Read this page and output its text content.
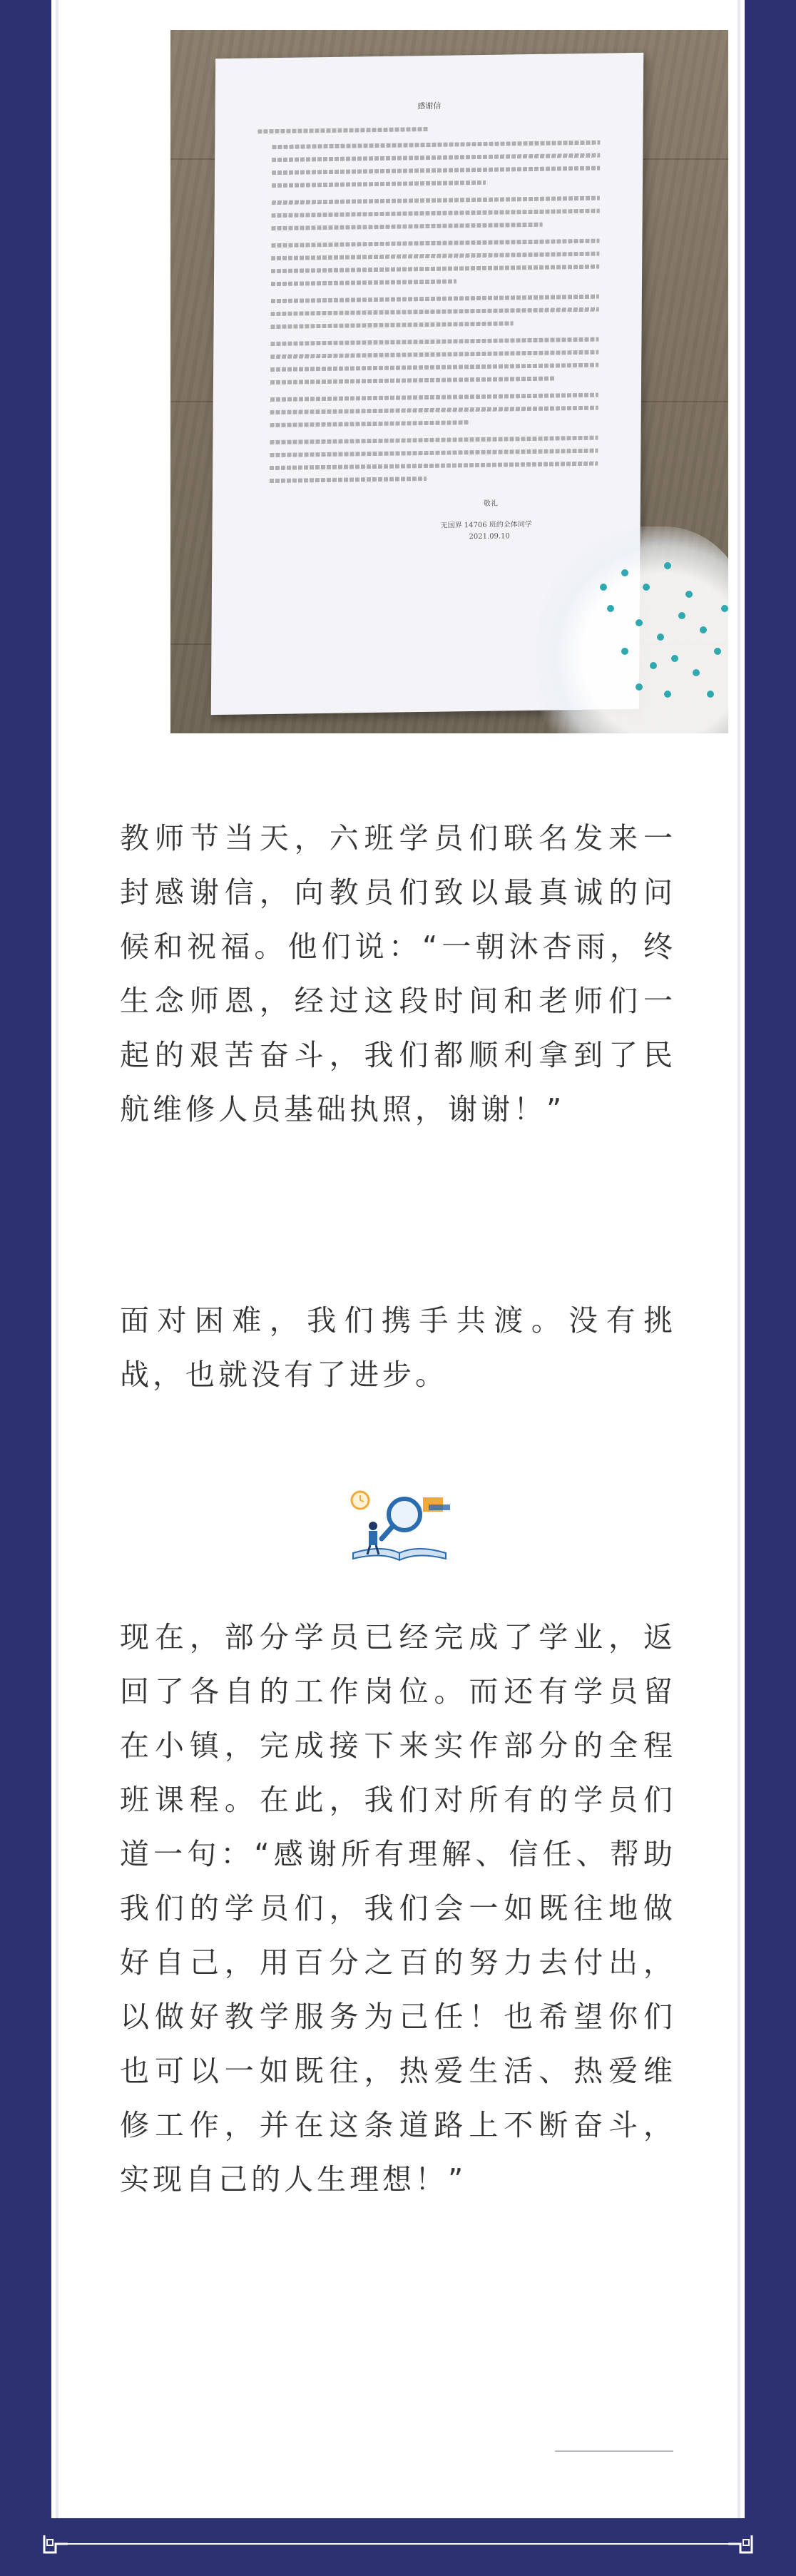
感谢信
敬礼
无国界 14706 班的全体同学
2021.09.10

教师节当天，六班学员们联名发来一封感谢信，向教员们致以最真诚的问候和祝福。他们说：“一朝沐杏雨，终生念师恩，经过这段时间和老师们一起的艰苦奋斗，我们都顺利拿到了民航维修人员基础执照，谢谢！”

面对困难，我们携手共渡。没有挑战，也就没有了进步。

现在，部分学员已经完成了学业，返回了各自的工作岗位。而还有学员留在小镇，完成接下来实作部分的全程班课程。在此，我们对所有的学员们道一句：“感谢所有理解、信任、帮助我们的学员们，我们会一如既往地做好自己，用百分之百的努力去付出，以做好教学服务为己任！也希望你们也可以一如既往，热爱生活、热爱维修工作，并在这条道路上不断奋斗，实现自己的人生理想！”
